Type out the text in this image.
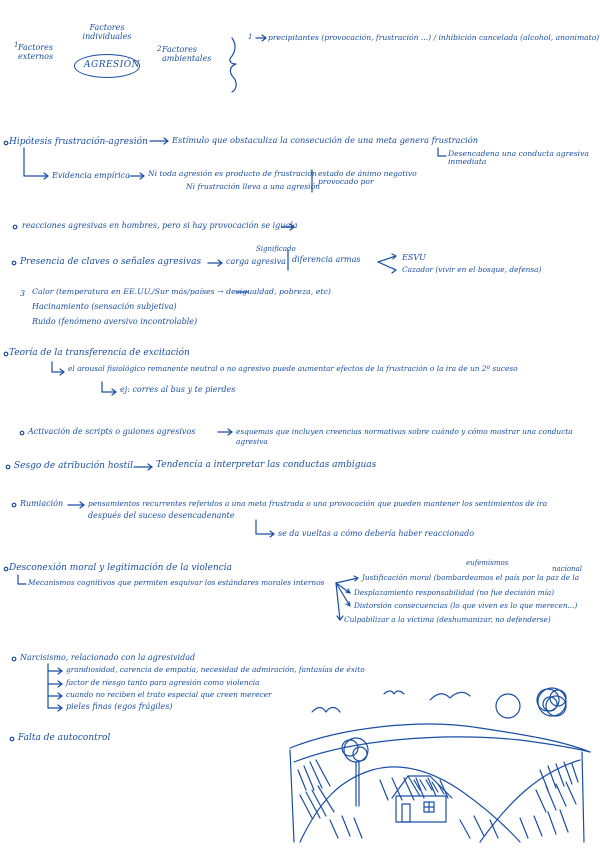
Factores individuales
1 Factores externos
AGRESIÓN
2 Factores ambientales
1 precipitantes (provocación, frustración ...) / inhibición cancelada (alcohol, anonimato)
Hipótesis frustración-agresión	Estímulo que obstaculiza la consecución de una meta genera frustración
Desencadena una conducta agresiva inmediata
Evidencia empírica Ni toda agresión es producto de frustración
Ni frustración lleva a una agresión
estado de ánimo negativo provocado por
reacciones agresivas en hombres, pero si hay provocación se iguala
Presencia de claves o señales agresivas
Significado
carga agresiva diferencia armas	ESVU
Cazador (vivir en el bosque, defensa)
3 Calor (temperatura en EE.UU./Sur más/países → desigualdad, pobreza, etc)
Hacinamiento (sensación subjetiva)
Ruido (fenómeno aversivo incontrolable)
Teoría de la transferencia de excitación
el arousal fisiológico remanente neutral o no agresivo puede aumentar efectos de la frustración o la ira de un 2º suceso
ej: corres al bus y te pierdes
Activación de scripts o guiones agresivos	esquemas que incluyen creencias normativas sobre cuándo y cómo mostrar una conducta agresiva
Sesgo de atribución hostil	Tendencia a interpretar las conductas ambiguas
Rumiación	pensamientos recurrentes referidos a una meta frustrada o una provocación que pueden mantener los sentimientos de ira
después del suceso desencadenante
se da vueltas a cómo debería haber reaccionado
Desconexión moral y legitimación de la violencia
Mecanismos cognitivos que permiten esquivar los estándares morales internos
eufemismos
nacional
Justificación moral (bombardeamos el país por la paz de la
Desplazamiento responsabilidad (no fue decisión mía)
Distorsión consecuencias (lo que viven es lo que merecen...)
Culpabilizar a la víctima (deshumanizar, no defenderse)
Narcisismo, relacionado con la agresividad
grandiosidad, carencia de empatía, necesidad de admiración, fantasías de éxito
factor de riesgo tanto para agresión como violencia
cuando no reciben el trato especial que creen merecer
pieles finas (egos frágiles)
Falta de autocontrol
